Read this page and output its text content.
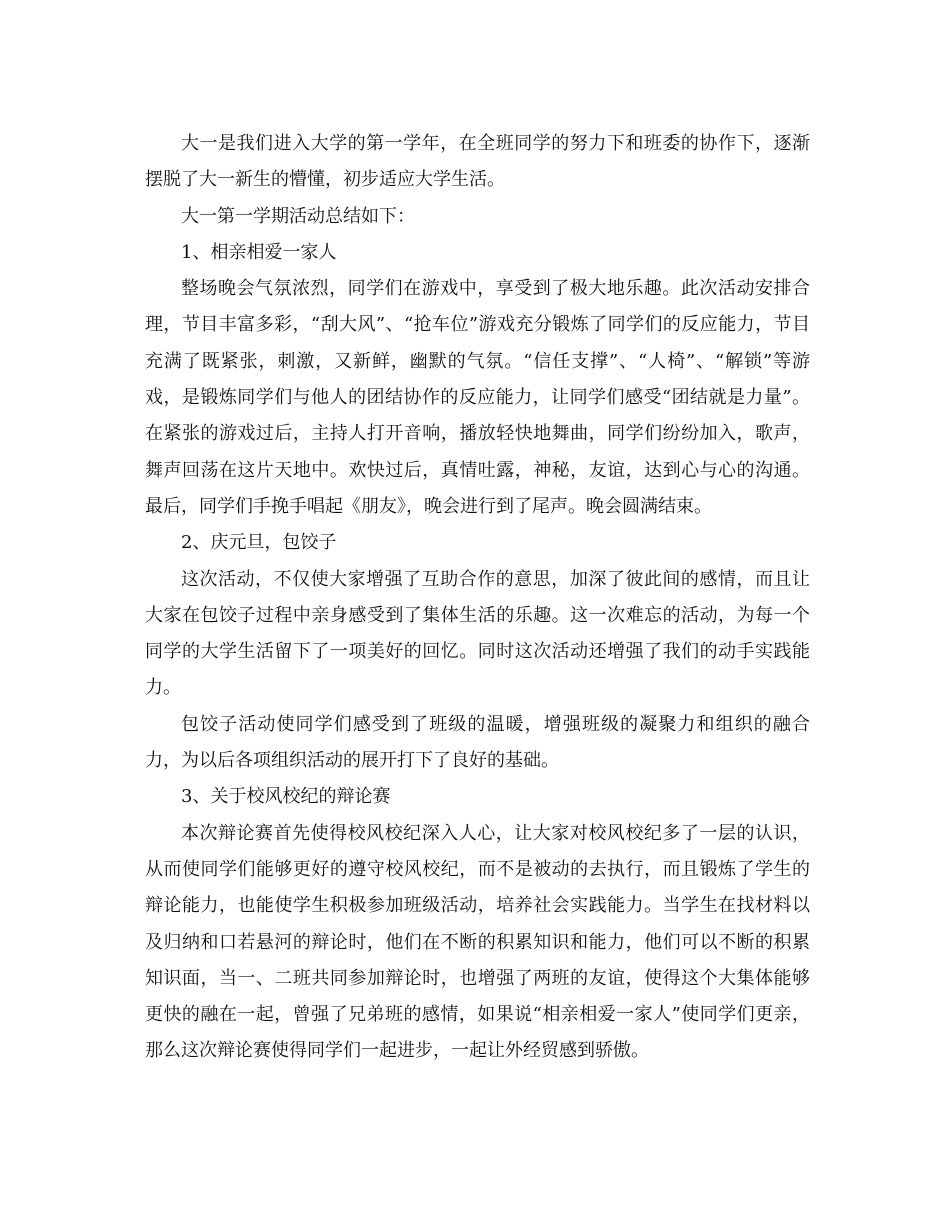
大一是我们进入大学的第一学年，在全班同学的努力下和班委的协作下，逐渐摆脱了大一新生的懵懂，初步适应大学生活。

大一第一学期活动总结如下：

1、相亲相爱一家人

整场晚会气氛浓烈，同学们在游戏中，享受到了极大地乐趣。此次活动安排合理，节目丰富多彩，“刮大风”、“抢车位”游戏充分锻炼了同学们的反应能力，节目充满了既紧张，刺激，又新鲜，幽默的气氛。“信任支撑”、“人椅”、“解锁”等游戏，是锻炼同学们与他人的团结协作的反应能力，让同学们感受“团结就是力量”。在紧张的游戏过后，主持人打开音响，播放轻快地舞曲，同学们纷纷加入，歌声，舞声回荡在这片天地中。欢快过后，真情吐露，神秘，友谊，达到心与心的沟通。最后，同学们手挽手唱起《朋友》，晚会进行到了尾声。晚会圆满结束。

2、庆元旦，包饺子

这次活动，不仅使大家增强了互助合作的意思，加深了彼此间的感情，而且让大家在包饺子过程中亲身感受到了集体生活的乐趣。这一次难忘的活动，为每一个同学的大学生活留下了一项美好的回忆。同时这次活动还增强了我们的动手实践能力。

包饺子活动使同学们感受到了班级的温暖，增强班级的凝聚力和组织的融合力，为以后各项组织活动的展开打下了良好的基础。

3、关于校风校纪的辩论赛

本次辩论赛首先使得校风校纪深入人心，让大家对校风校纪多了一层的认识，从而使同学们能够更好的遵守校风校纪，而不是被动的去执行，而且锻炼了学生的辩论能力，也能使学生积极参加班级活动，培养社会实践能力。当学生在找材料以及归纳和口若悬河的辩论时，他们在不断的积累知识和能力，他们可以不断的积累知识面，当一、二班共同参加辩论时，也增强了两班的友谊，使得这个大集体能够更快的融在一起，曾强了兄弟班的感情，如果说“相亲相爱一家人”使同学们更亲，那么这次辩论赛使得同学们一起进步，一起让外经贸感到骄傲。
